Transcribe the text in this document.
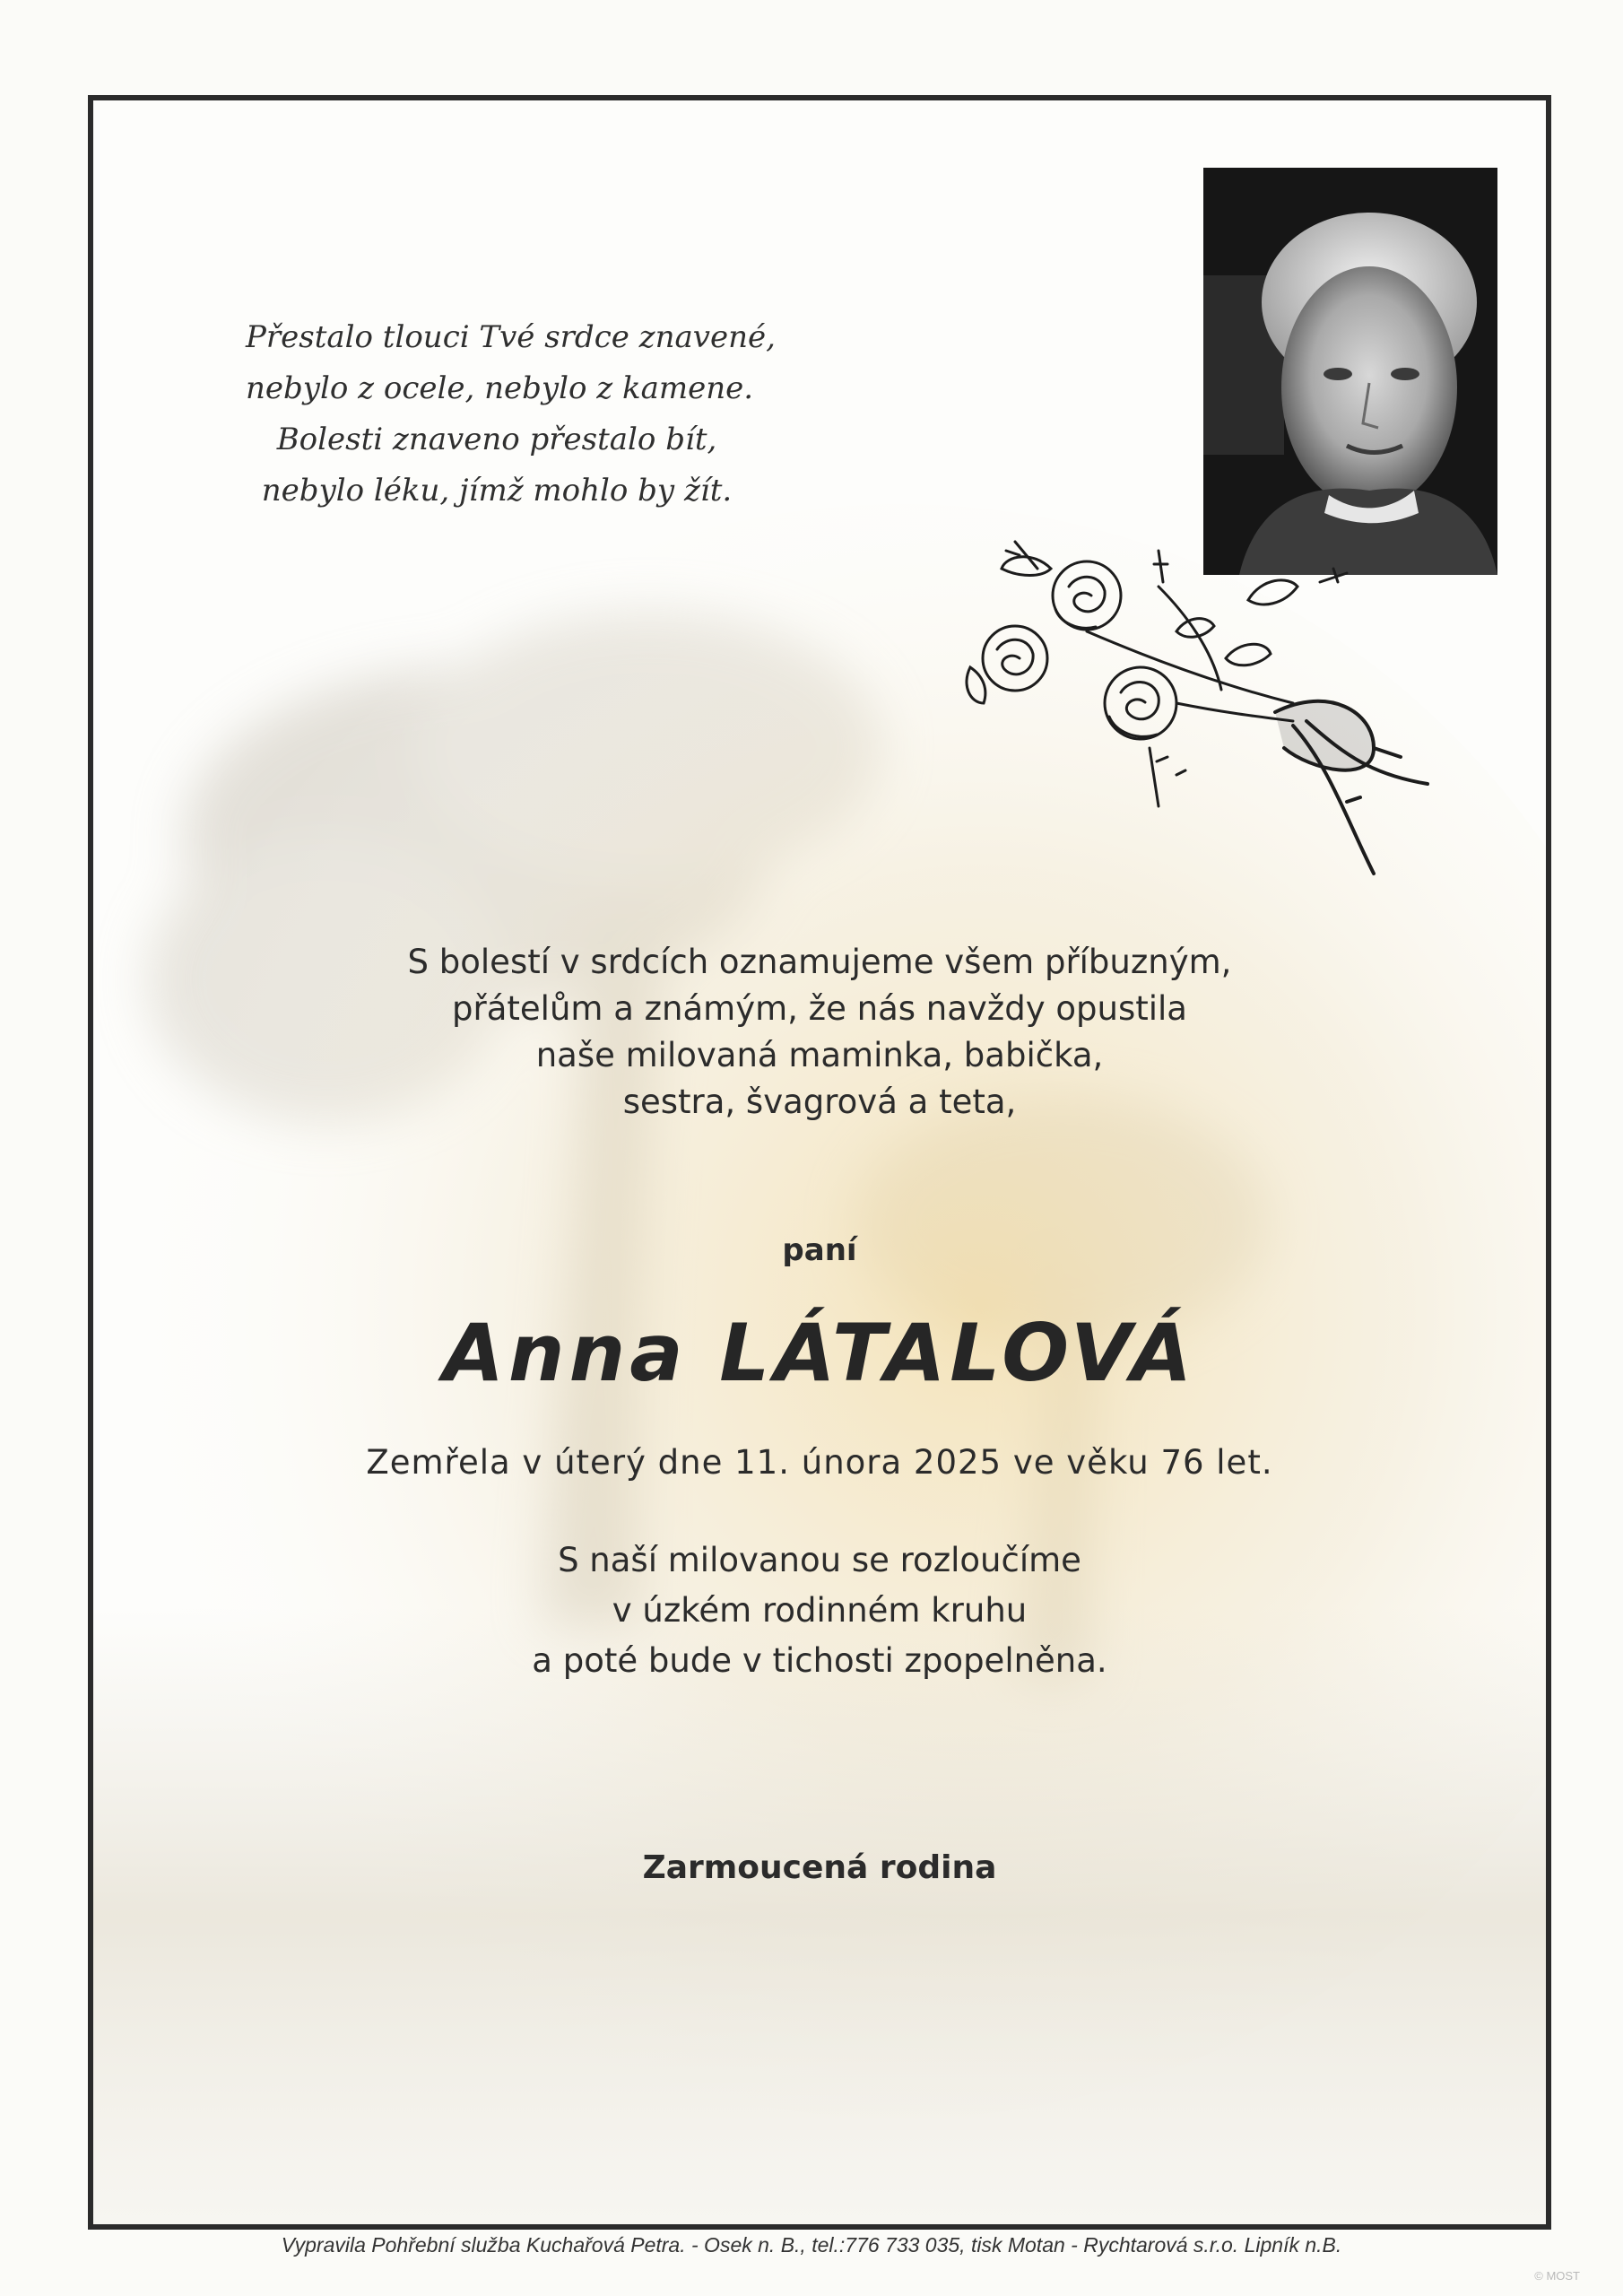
Přestalo tlouci Tvé srdce znavené,
nebylo z ocele, nebylo z kamene.
Bolesti znaveno přestalo bít,
nebylo léku, jímž mohlo by žít.
S bolestí v srdcích oznamujeme všem příbuzným,
přátelům a známým, že nás navždy opustila
naše milovaná maminka, babička,
sestra, švagrová a teta,
paní
Anna LÁTALOVÁ
Zemřela v úterý dne 11. února 2025 ve věku 76 let.
S naší milovanou se rozloučíme
v úzkém rodinném kruhu
a poté bude v tichosti zpopelněna.
Zarmoucená rodina
Vypravila Pohřební služba Kuchařová Petra. - Osek n. B., tel.:776 733 035, tisk Motan - Rychtarová s.r.o. Lipník n.B.
© MOST
